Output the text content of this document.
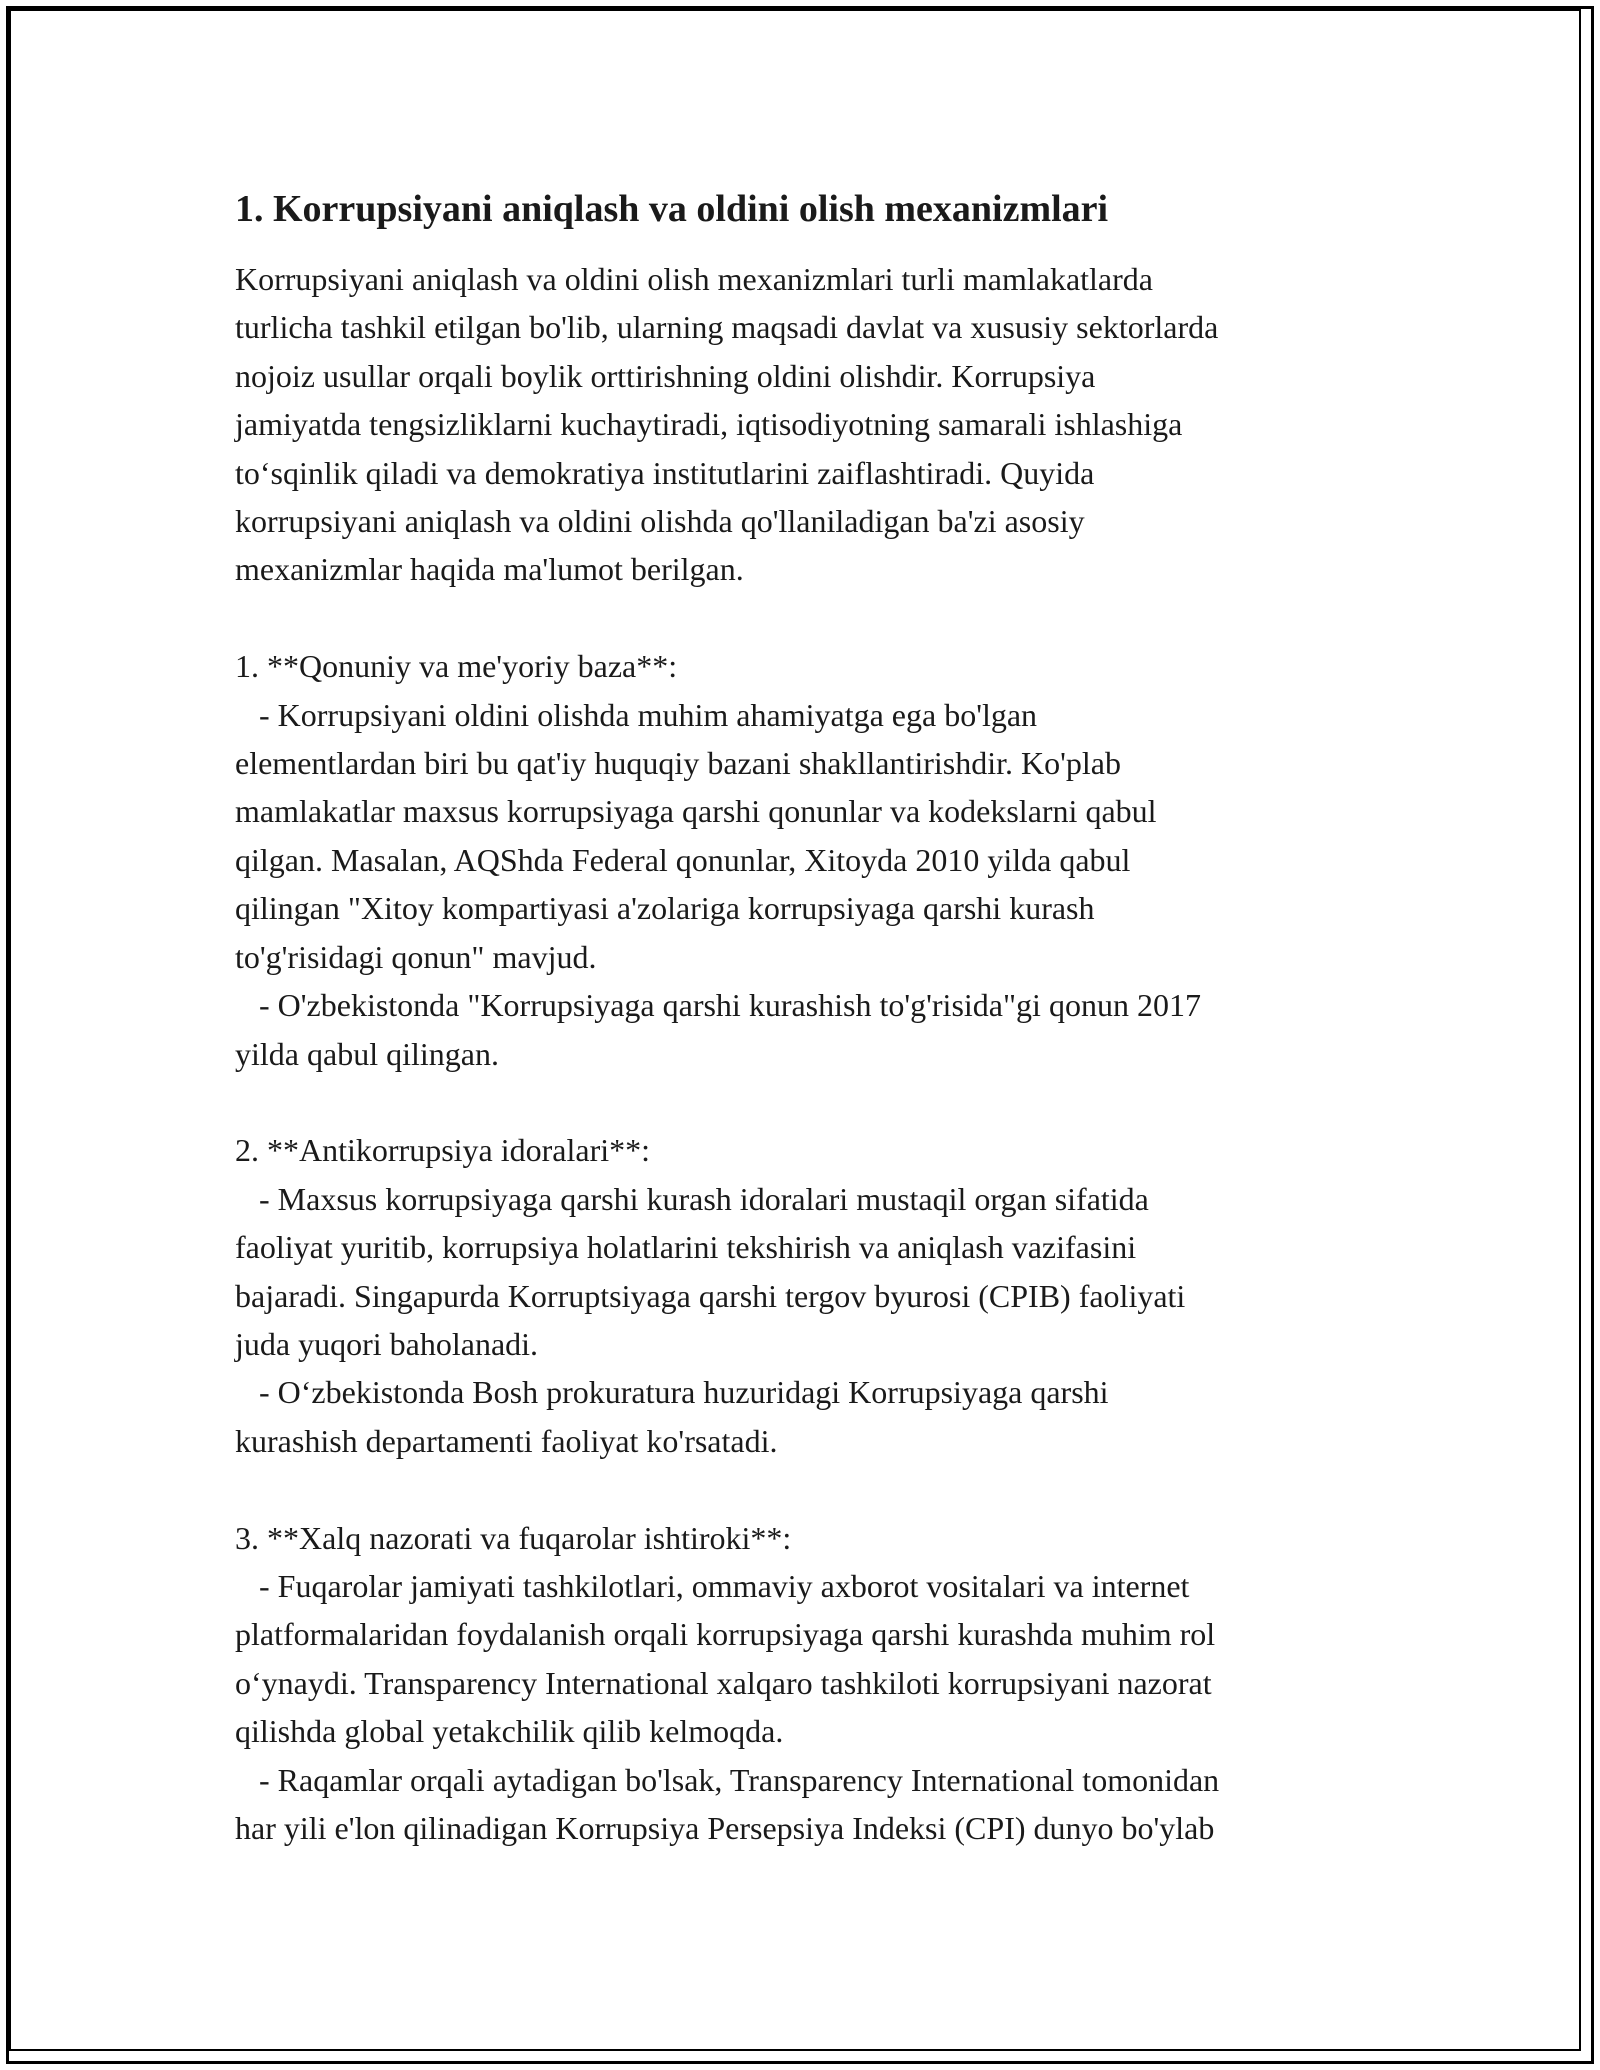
1. Korrupsiyani aniqlash va oldini olish mexanizmlari

Korrupsiyani aniqlash va oldini olish mexanizmlari turli mamlakatlarda
turlicha tashkil etilgan bo'lib, ularning maqsadi davlat va xususiy sektorlarda
nojoiz usullar orqali boylik orttirishning oldini olishdir. Korrupsiya
jamiyatda tengsizliklarni kuchaytiradi, iqtisodiyotning samarali ishlashiga
to‘sqinlik qiladi va demokratiya institutlarini zaiflashtiradi. Quyida
korrupsiyani aniqlash va oldini olishda qo'llaniladigan ba'zi asosiy
mexanizmlar haqida ma'lumot berilgan.

1. **Qonuniy va me'yoriy baza**:
- Korrupsiyani oldini olishda muhim ahamiyatga ega bo'lgan
elementlardan biri bu qat'iy huquqiy bazani shakllantirishdir. Ko'plab
mamlakatlar maxsus korrupsiyaga qarshi qonunlar va kodekslarni qabul
qilgan. Masalan, AQShda Federal qonunlar, Xitoyda 2010 yilda qabul
qilingan "Xitoy kompartiyasi a'zolariga korrupsiyaga qarshi kurash
to'g'risidagi qonun" mavjud.
- O'zbekistonda "Korrupsiyaga qarshi kurashish to'g'risida"gi qonun 2017
yilda qabul qilingan.

2. **Antikorrupsiya idoralari**:
- Maxsus korrupsiyaga qarshi kurash idoralari mustaqil organ sifatida
faoliyat yuritib, korrupsiya holatlarini tekshirish va aniqlash vazifasini
bajaradi. Singapurda Korruptsiyaga qarshi tergov byurosi (CPIB) faoliyati
juda yuqori baholanadi.
- O‘zbekistonda Bosh prokuratura huzuridagi Korrupsiyaga qarshi
kurashish departamenti faoliyat ko'rsatadi.

3. **Xalq nazorati va fuqarolar ishtiroki**:
- Fuqarolar jamiyati tashkilotlari, ommaviy axborot vositalari va internet
platformalaridan foydalanish orqali korrupsiyaga qarshi kurashda muhim rol
o‘ynaydi. Transparency International xalqaro tashkiloti korrupsiyani nazorat
qilishda global yetakchilik qilib kelmoqda.
- Raqamlar orqali aytadigan bo'lsak, Transparency International tomonidan
har yili e'lon qilinadigan Korrupsiya Persepsiya Indeksi (CPI) dunyo bo'ylab
